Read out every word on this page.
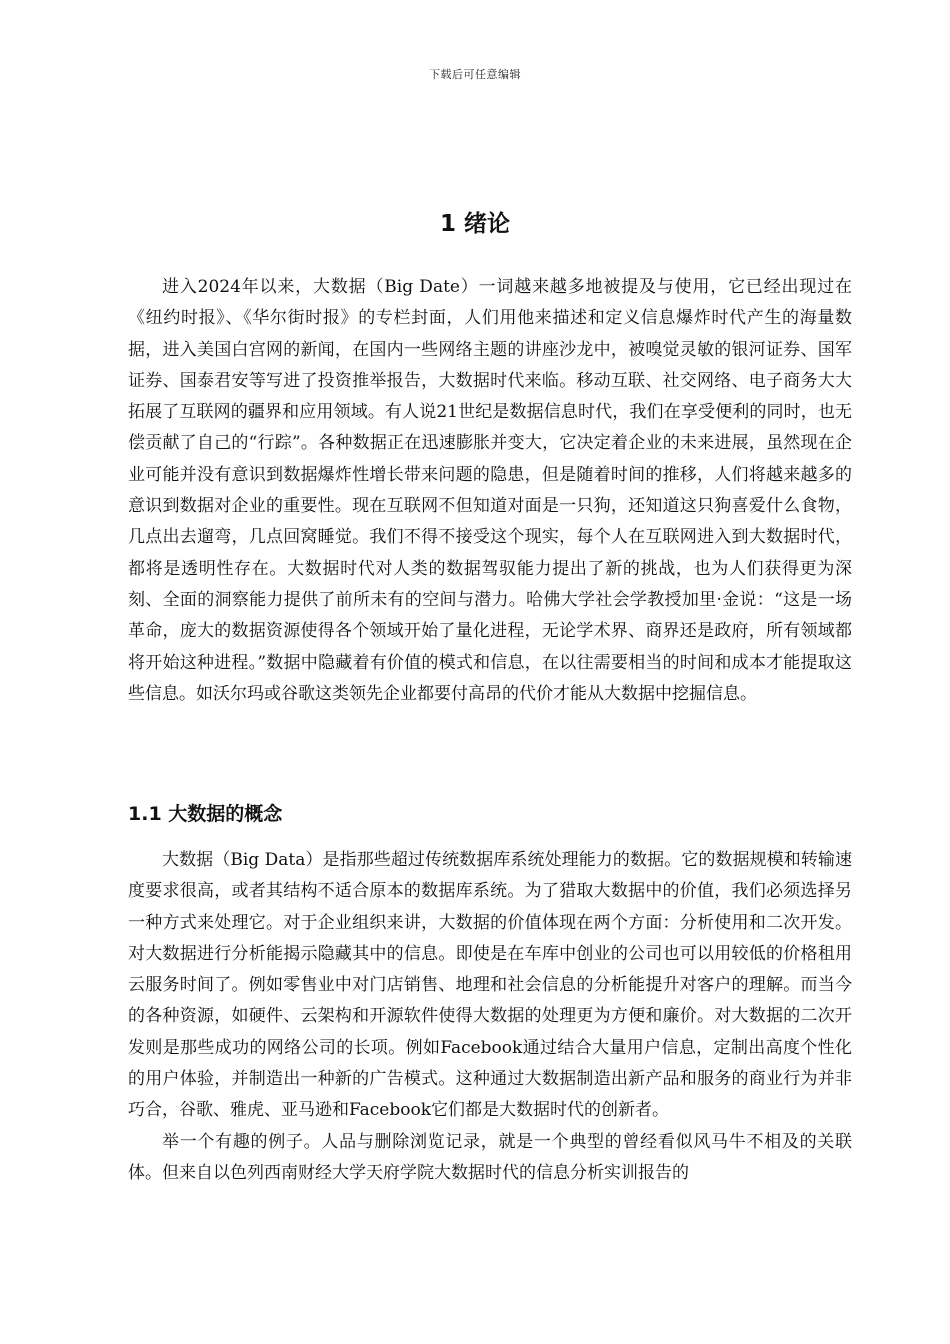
下载后可任意编辑
1 绪论

进入2024年以来，大数据（Big Date）一词越来越多地被提及与使用，它已经出现过在《纽约时报》、《华尔街时报》的专栏封面，人们用他来描述和定义信息爆炸时代产生的海量数据，进入美国白宫网的新闻，在国内一些网络主题的讲座沙龙中，被嗅觉灵敏的银河证券、国军证券、国泰君安等写进了投资推举报告，大数据时代来临。移动互联、社交网络、电子商务大大拓展了互联网的疆界和应用领域。有人说21世纪是数据信息时代，我们在享受便利的同时，也无偿贡献了自己的“行踪”。各种数据正在迅速膨胀并变大，它决定着企业的未来进展，虽然现在企业可能并没有意识到数据爆炸性增长带来问题的隐患，但是随着时间的推移，人们将越来越多的意识到数据对企业的重要性。现在互联网不但知道对面是一只狗，还知道这只狗喜爱什么食物，几点出去遛弯，几点回窝睡觉。我们不得不接受这个现实，每个人在互联网进入到大数据时代，都将是透明性存在。大数据时代对人类的数据驾驭能力提出了新的挑战，也为人们获得更为深刻、全面的洞察能力提供了前所未有的空间与潜力。哈佛大学社会学教授加里·金说：“这是一场革命，庞大的数据资源使得各个领域开始了量化进程，无论学术界、商界还是政府，所有领域都将开始这种进程。”数据中隐藏着有价值的模式和信息，在以往需要相当的时间和成本才能提取这些信息。如沃尔玛或谷歌这类领先企业都要付高昂的代价才能从大数据中挖掘信息。

1.1 大数据的概念

大数据（Big Data）是指那些超过传统数据库系统处理能力的数据。它的数据规模和转输速度要求很高，或者其结构不适合原本的数据库系统。为了猎取大数据中的价值，我们必须选择另一种方式来处理它。对于企业组织来讲，大数据的价值体现在两个方面：分析使用和二次开发。对大数据进行分析能揭示隐藏其中的信息。即使是在车库中创业的公司也可以用较低的价格租用云服务时间了。例如零售业中对门店销售、地理和社会信息的分析能提升对客户的理解。而当今的各种资源，如硬件、云架构和开源软件使得大数据的处理更为方便和廉价。对大数据的二次开发则是那些成功的网络公司的长项。例如Facebook通过结合大量用户信息，定制出高度个性化的用户体验，并制造出一种新的广告模式。这种通过大数据制造出新产品和服务的商业行为并非巧合，谷歌、雅虎、亚马逊和Facebook它们都是大数据时代的创新者。

举一个有趣的例子。人品与删除浏览记录，就是一个典型的曾经看似风马牛不相及的关联体。但来自以色列西南财经大学天府学院大数据时代的信息分析实训报告的
